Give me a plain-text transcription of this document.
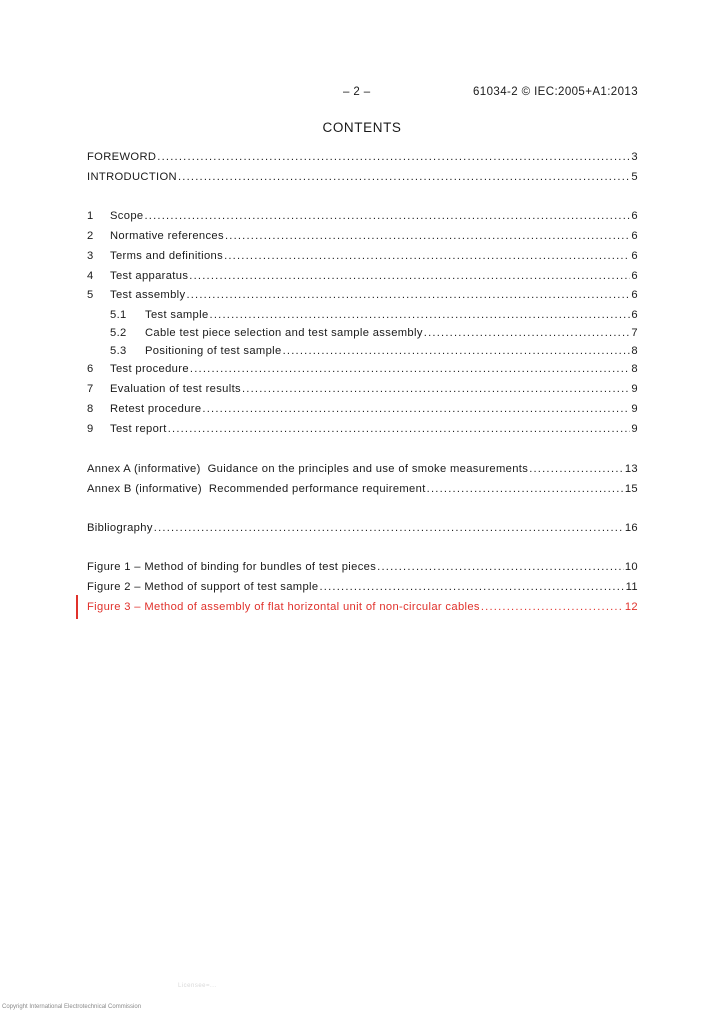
– 2 –	61034-2 © IEC:2005+A1:2013
CONTENTS
FOREWORD .....	3
INTRODUCTION .....	5
1	Scope .....	6
2	Normative references .....	6
3	Terms and definitions .....	6
4	Test apparatus .....	6
5	Test assembly .....	6
5.1	Test sample .....	6
5.2	Cable test piece selection and test sample assembly .....	7
5.3	Positioning of test sample .....	8
6	Test procedure .....	8
7	Evaluation of test results .....	9
8	Retest procedure .....	9
9	Test report .....	9
Annex A (informative)  Guidance on the principles and use of smoke measurements .....	13
Annex B (informative)  Recommended performance requirement .....	15
Bibliography .....	16
Figure 1 – Method of binding for bundles of test pieces .....	10
Figure 2 – Method of support of test sample .....	11
Figure 3 – Method of assembly of flat horizontal unit of non-circular cables .....	12
Licensee=...
Copyright International Electrotechnical Commission
